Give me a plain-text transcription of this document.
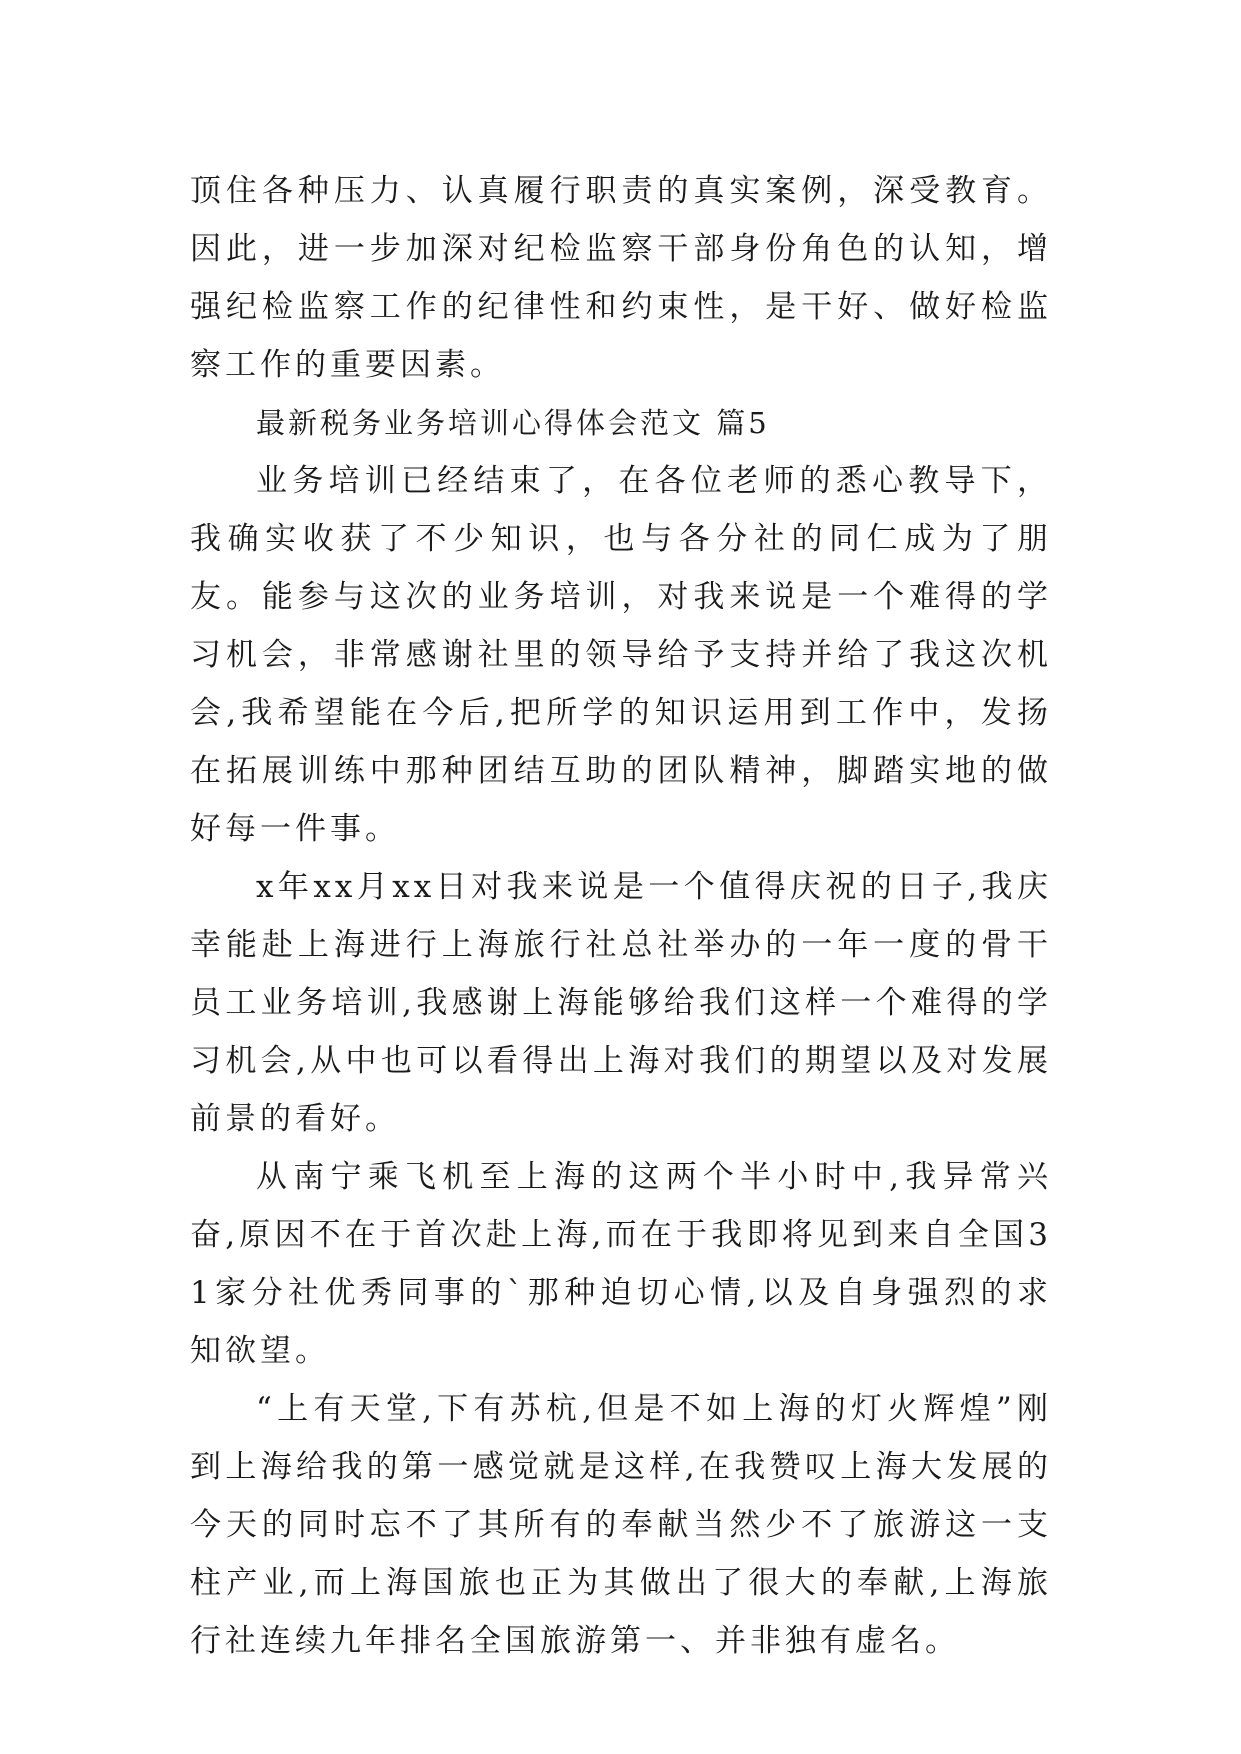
顶住各种压力、认真履行职责的真实案例，深受教育。因此，进一步加深对纪检监察干部身份角色的认知，增强纪检监察工作的纪律性和约束性，是干好、做好检监察工作的重要因素。

最新税务业务培训心得体会范文 篇5

业务培训已经结束了，在各位老师的悉心教导下，我确实收获了不少知识，也与各分社的同仁成为了朋友。能参与这次的业务培训，对我来说是一个难得的学习机会，非常感谢社里的领导给予支持并给了我这次机会,我希望能在今后,把所学的知识运用到工作中，发扬在拓展训练中那种团结互助的团队精神，脚踏实地的做好每一件事。

x年xx月xx日对我来说是一个值得庆祝的日子,我庆幸能赴上海进行上海旅行社总社举办的一年一度的骨干员工业务培训,我感谢上海能够给我们这样一个难得的学习机会,从中也可以看得出上海对我们的期望以及对发展前景的看好。

从南宁乘飞机至上海的这两个半小时中,我异常兴奋,原因不在于首次赴上海,而在于我即将见到来自全国31家分社优秀同事的`那种迫切心情,以及自身强烈的求知欲望。

“上有天堂,下有苏杭,但是不如上海的灯火辉煌”刚到上海给我的第一感觉就是这样,在我赞叹上海大发展的今天的同时忘不了其所有的奉献当然少不了旅游这一支柱产业,而上海国旅也正为其做出了很大的奉献,上海旅行社连续九年排名全国旅游第一、并非独有虚名。
